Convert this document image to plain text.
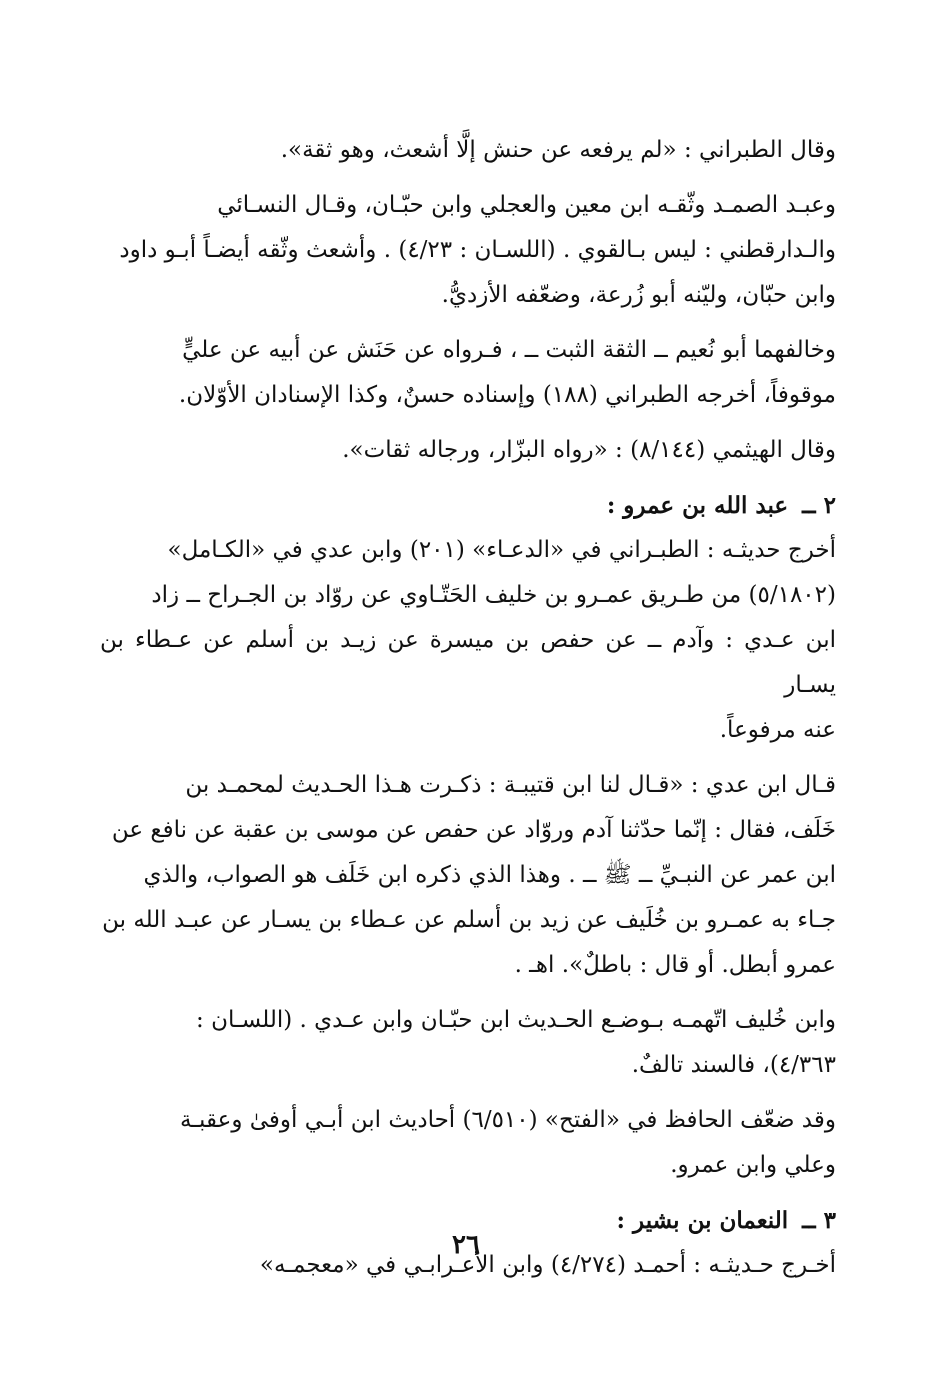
وقال الطبراني : «لم يرفعه عن حنش إلَّا أشعث، وهو ثقة».

وعبـد الصمـد وثّقـه ابن معين والعجلي وابن حبّـان، وقـال النسـائي
والـدارقطني : ليس بـالقوي . (اللسـان : ٤/٢٣) . وأشعث وثّقه أيضـاً أبـو داود
وابن حبّان، وليّنه أبو زُرعة، وضعّفه الأزديُّ.

وخالفهما أبو نُعيم ــ الثقة الثبت ــ ، فـرواه عن حَنَش عن أبيه عن عليٍّ
موقوفاً، أخرجه الطبراني (١٨٨) وإسناده حسنٌ، وكذا الإسنادان الأوّلان.

وقال الهيثمي (٨/١٤٤) : «رواه البزّار، ورجاله ثقات».

٢ ــ عبد الله بن عمرو :

أخرج حديثـه : الطبـراني في «الدعـاء» (٢٠١) وابن عدي في «الكـامل»
(٥/١٨٠٢) من طـريق عمـرو بن خليف الحَتّـاوي عن روّاد بن الجـراح ــ زاد
ابن عـدي : وآدم ــ عن حفص بن ميسرة عن زيـد بن أسلم عن عـطاء بن يسـار
عنه مرفوعاً.

قـال ابن عدي : «قـال لنا ابن قتيبـة : ذكـرت هـذا الحـديث لمحمـد بن
خَلَف، فقال : إنّما حدّثنا آدم وروّاد عن حفص عن موسى بن عقبة عن نافع عن
ابن عمر عن النبـيِّ ــ ﷺ ــ . وهذا الذي ذكره ابن خَلَف هو الصواب، والذي
جـاء به عمـرو بن خُلَيف عن زيد بن أسلم عن عـطاء بن يسـار عن عبـد الله بن
عمرو أبطل. أو قال : باطلٌ». اهـ .

وابن خُليف اتّهمـه بـوضـع الحـديث ابن حبّـان وابن عـدي . (اللسـان :
٤/٣٦٣)، فالسند تالفٌ.

وقد ضعّف الحافظ في «الفتح» (٦/٥١٠) أحاديث ابن أبـي أوفىٰ وعقبـة
وعلي وابن عمرو.

٣ ــ النعمان بن بشير :

أخـرج حـديثـه : أحمـد (٤/٢٧٤) وابن الأعـرابـي في «معجمـه»

٢٦
